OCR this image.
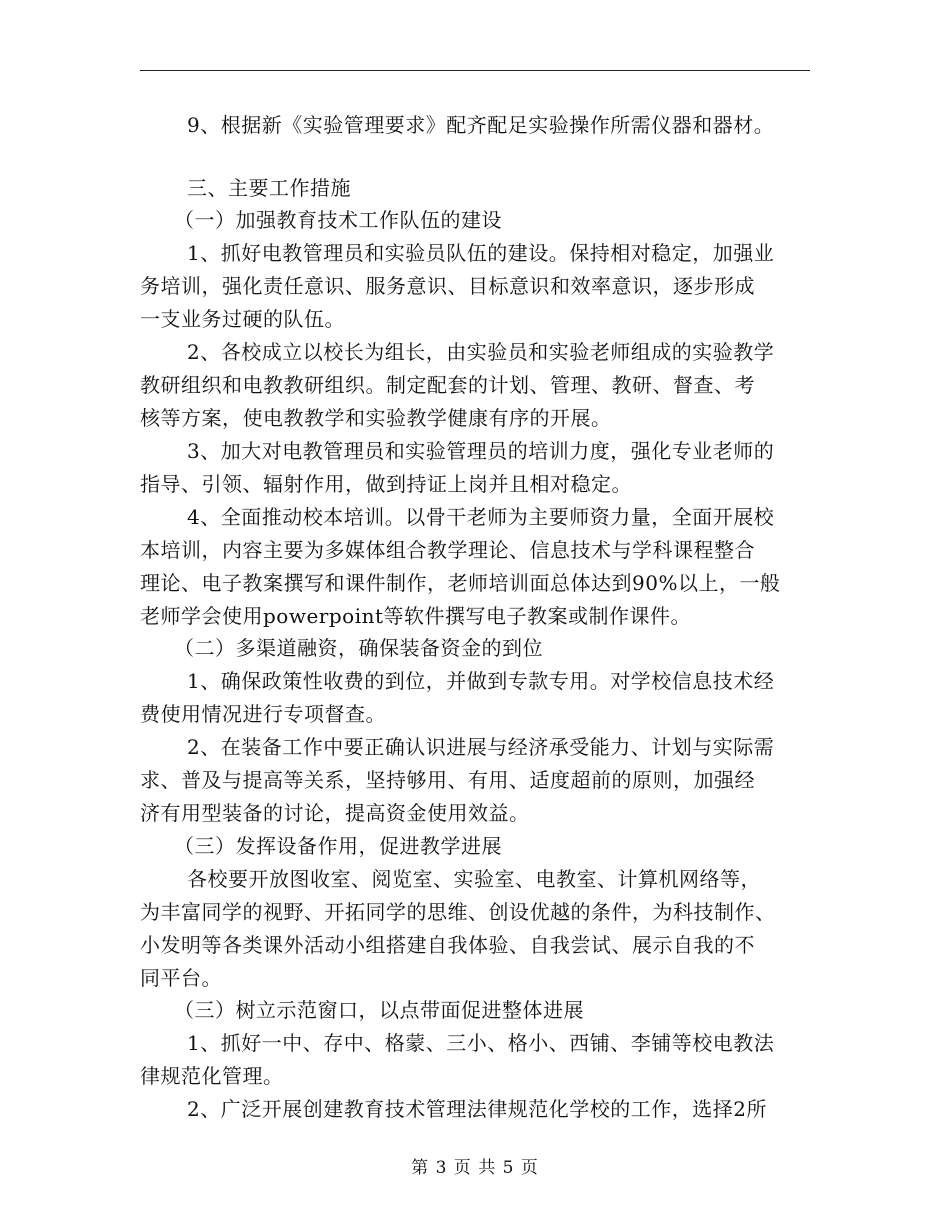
9、根据新《实验管理要求》配齐配足实验操作所需仪器和器材。
三、主要工作措施
（一）加强教育技术工作队伍的建设
1、抓好电教管理员和实验员队伍的建设。保持相对稳定，加强业
务培训，强化责任意识、服务意识、目标意识和效率意识，逐步形成
一支业务过硬的队伍。
2、各校成立以校长为组长，由实验员和实验老师组成的实验教学
教研组织和电教教研组织。制定配套的计划、管理、教研、督查、考
核等方案，使电教教学和实验教学健康有序的开展。
3、加大对电教管理员和实验管理员的培训力度，强化专业老师的
指导、引领、辐射作用，做到持证上岗并且相对稳定。
4、全面推动校本培训。以骨干老师为主要师资力量，全面开展校
本培训，内容主要为多媒体组合教学理论、信息技术与学科课程整合
理论、电子教案撰写和课件制作，老师培训面总体达到90%以上，一般
老师学会使用powerpoint等软件撰写电子教案或制作课件。
（二）多渠道融资，确保装备资金的到位
1、确保政策性收费的到位，并做到专款专用。对学校信息技术经
费使用情况进行专项督查。
2、在装备工作中要正确认识进展与经济承受能力、计划与实际需
求、普及与提高等关系，坚持够用、有用、适度超前的原则，加强经
济有用型装备的讨论，提高资金使用效益。
（三）发挥设备作用，促进教学进展
各校要开放图收室、阅览室、实验室、电教室、计算机网络等，
为丰富同学的视野、开拓同学的思维、创设优越的条件，为科技制作、
小发明等各类课外活动小组搭建自我体验、自我尝试、展示自我的不
同平台。
（三）树立示范窗口，以点带面促进整体进展
1、抓好一中、存中、格蒙、三小、格小、西铺、李铺等校电教法
律规范化管理。
2、广泛开展创建教育技术管理法律规范化学校的工作，选择2所
第 3 页 共 5 页
